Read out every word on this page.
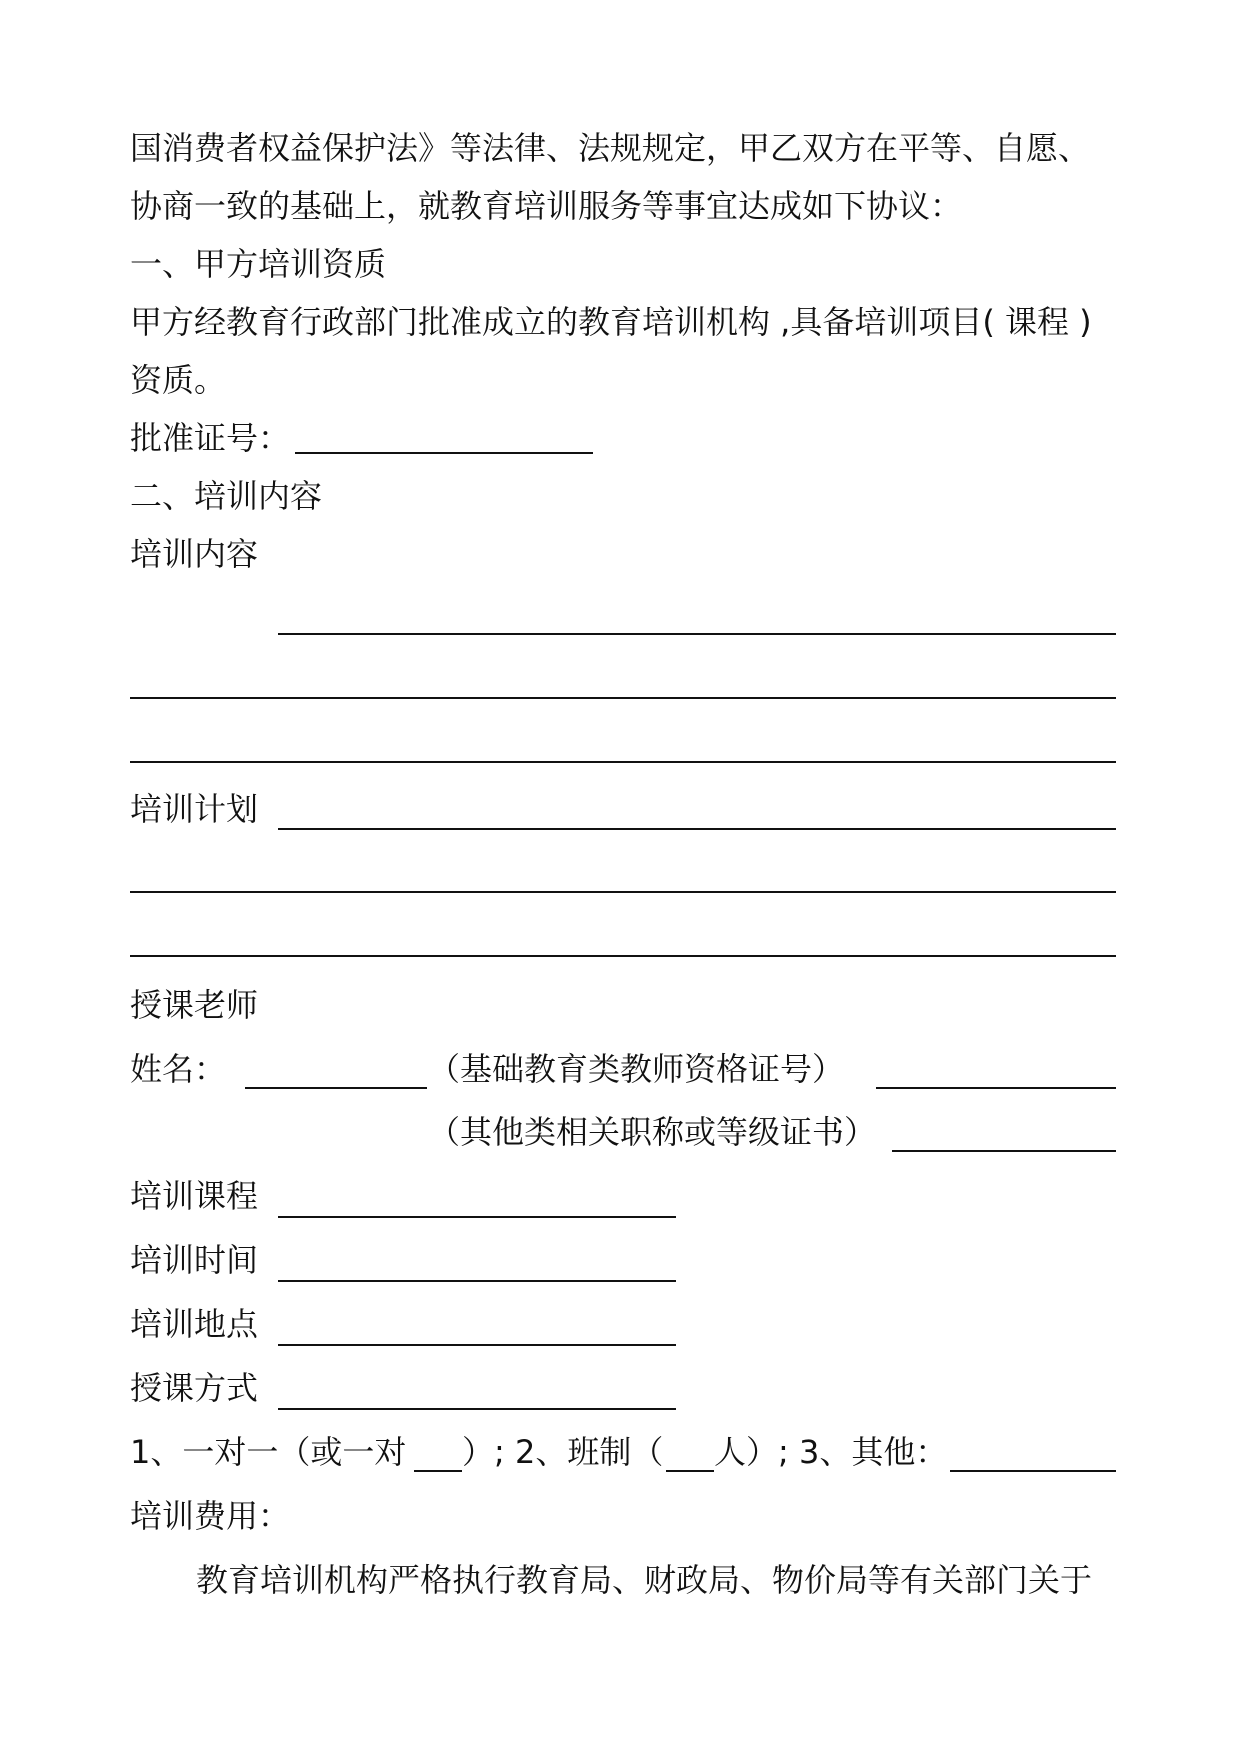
国消费者权益保护法》等法律、法规规定，甲乙双方在平等、自愿、
协商一致的基础上，就教育培训服务等事宜达成如下协议：
一、甲方培训资质
甲方经教育行政部门批准成立的教育培训机构 ,具备培训项目( 课程 )
资质。
批准证号：
二、培训内容
培训内容
培训计划
授课老师
姓名：	（基础教育类教师资格证号）
（其他类相关职称或等级证书）
培训课程
培训时间
培训地点
授课方式
1、一对一（或一对	）; 2、班制（ 人）; 3、其他：
培训费用：
教育培训机构严格执行教育局、财政局、物价局等有关部门关于
